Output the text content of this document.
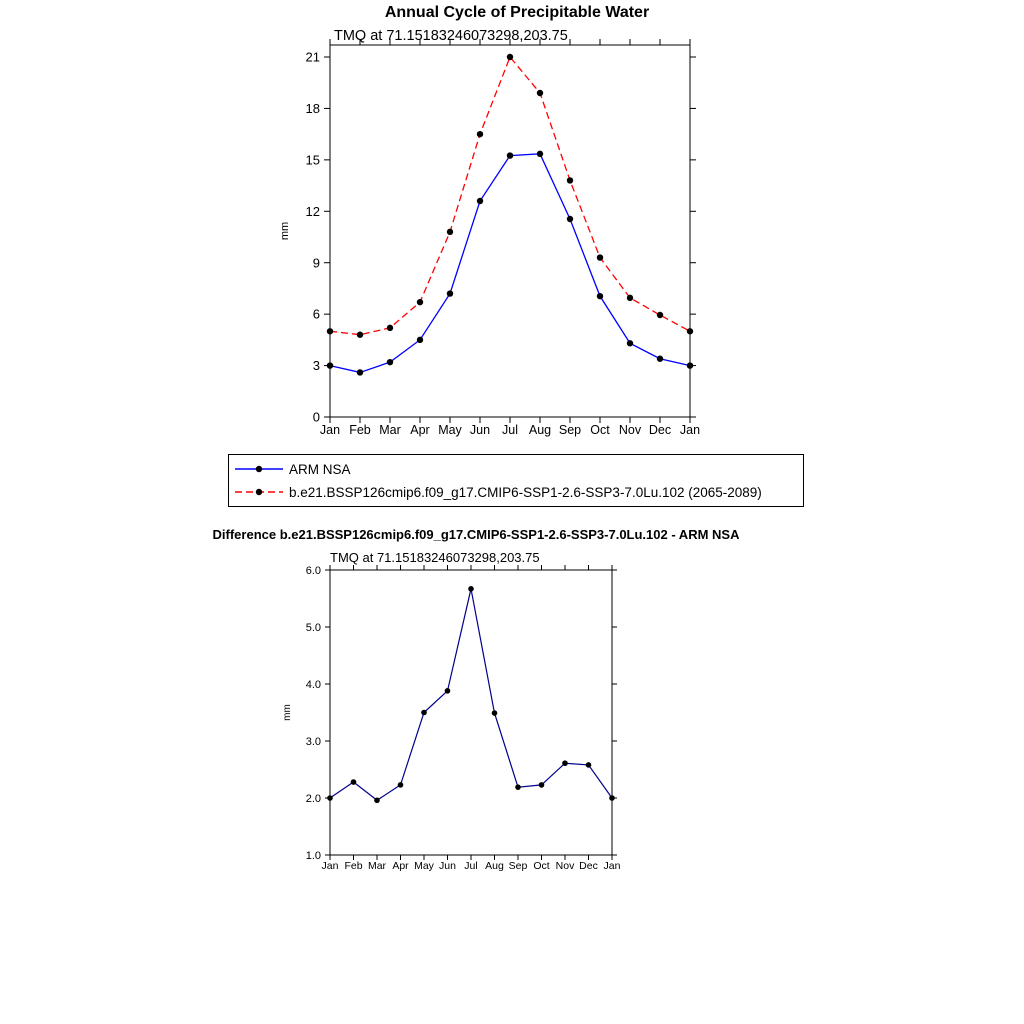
Annual Cycle of Precipitable Water
TMQ at 71.15183246073298,203.75
0
3
6
9
12
15
18
21
Jan Feb Mar Apr May Jun Jul Aug Sep Oct Nov Dec Jan
mm
ARM NSA
b.e21.BSSP126cmip6.f09_g17.CMIP6-SSP1-2.6-SSP3-7.0Lu.102 (2065-2089)
Difference b.e21.BSSP126cmip6.f09_g17.CMIP6-SSP1-2.6-SSP3-7.0Lu.102 - ARM NSA
TMQ at 71.15183246073298,203.75
1.0
2.0
3.0
4.0
5.0
6.0
Jan Feb Mar Apr May Jun Jul Aug Sep Oct Nov Dec Jan
mm
